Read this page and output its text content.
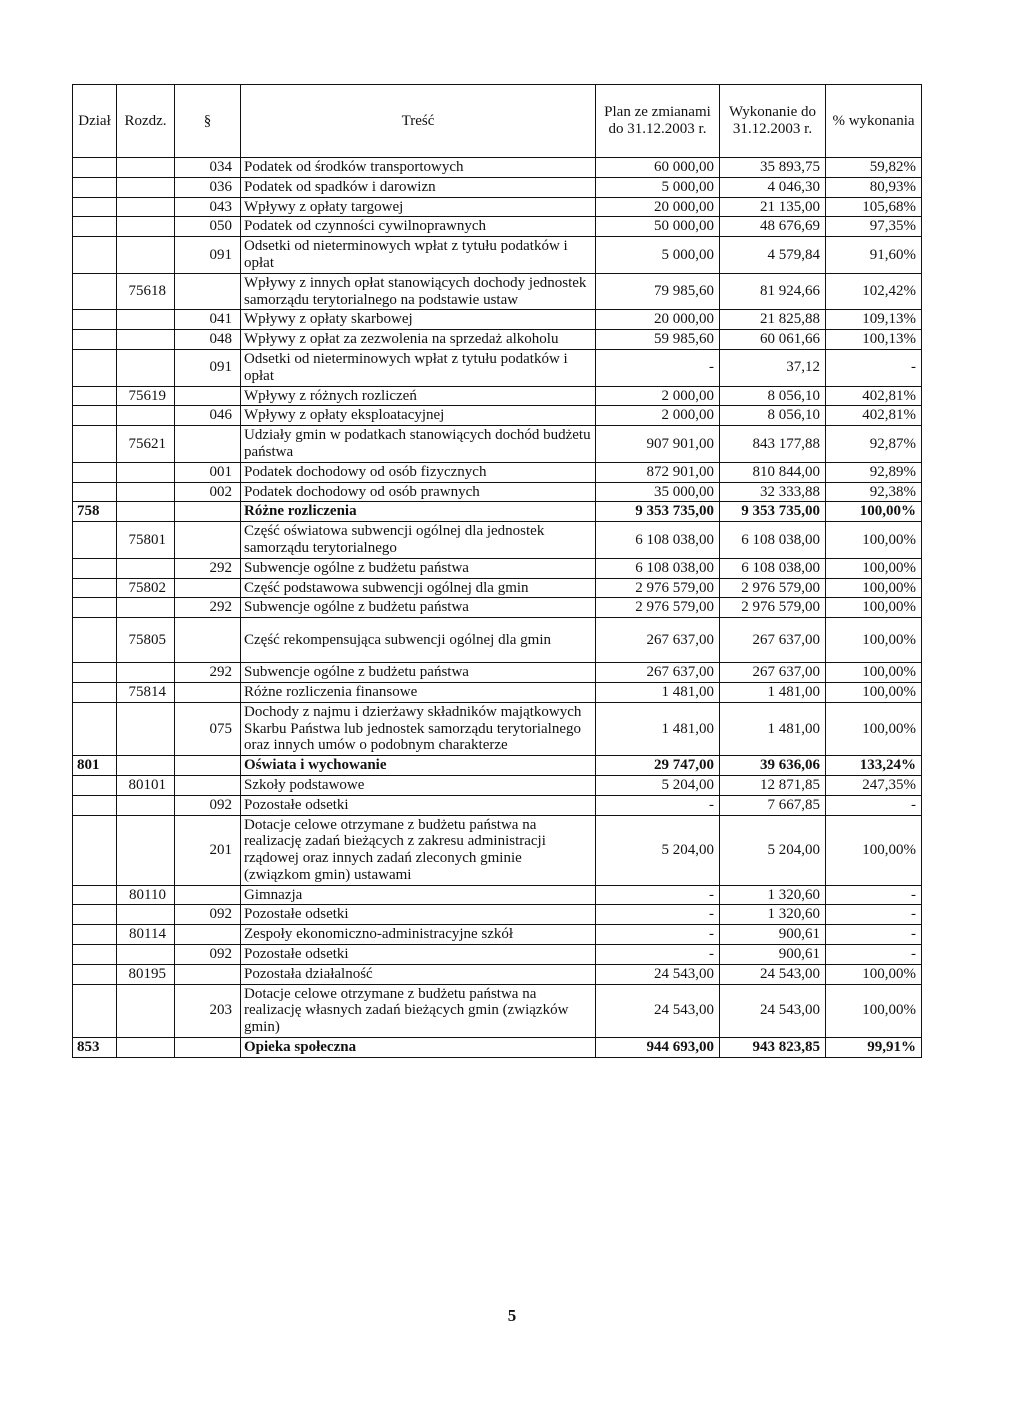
Dział	Rozdz.	§	Treść	Plan ze zmianami do 31.12.2003 r.	Wykonanie do 31.12.2003 r.	% wykonania
		034	Podatek od środków transportowych	60 000,00	35 893,75	59,82%
		036	Podatek od spadków i darowizn	5 000,00	4 046,30	80,93%
		043	Wpływy z opłaty targowej	20 000,00	21 135,00	105,68%
		050	Podatek od czynności cywilnoprawnych	50 000,00	48 676,69	97,35%
		091	Odsetki od nieterminowych wpłat z tytułu podatków i opłat	5 000,00	4 579,84	91,60%
	75618		Wpływy z innych opłat stanowiących dochody jednostek samorządu terytorialnego na podstawie ustaw	79 985,60	81 924,66	102,42%
		041	Wpływy z opłaty skarbowej	20 000,00	21 825,88	109,13%
		048	Wpływy z opłat za zezwolenia na sprzedaż alkoholu	59 985,60	60 061,66	100,13%
		091	Odsetki od nieterminowych wpłat z tytułu podatków i opłat	-	37,12	-
	75619		Wpływy z różnych rozliczeń	2 000,00	8 056,10	402,81%
		046	Wpływy z opłaty eksploatacyjnej	2 000,00	8 056,10	402,81%
	75621		Udziały gmin w podatkach stanowiących dochód budżetu państwa	907 901,00	843 177,88	92,87%
		001	Podatek dochodowy od osób fizycznych	872 901,00	810 844,00	92,89%
		002	Podatek dochodowy od osób prawnych	35 000,00	32 333,88	92,38%
758			Różne rozliczenia	9 353 735,00	9 353 735,00	100,00%
	75801		Część oświatowa subwencji ogólnej dla jednostek samorządu terytorialnego	6 108 038,00	6 108 038,00	100,00%
		292	Subwencje ogólne z budżetu państwa	6 108 038,00	6 108 038,00	100,00%
	75802		Część podstawowa subwencji ogólnej dla gmin	2 976 579,00	2 976 579,00	100,00%
		292	Subwencje ogólne z budżetu państwa	2 976 579,00	2 976 579,00	100,00%
	75805		Część rekompensująca subwencji ogólnej dla gmin	267 637,00	267 637,00	100,00%
		292	Subwencje ogólne z budżetu państwa	267 637,00	267 637,00	100,00%
	75814		Różne rozliczenia finansowe	1 481,00	1 481,00	100,00%
		075	Dochody z najmu i dzierżawy składników majątkowych Skarbu Państwa lub jednostek samorządu terytorialnego oraz innych umów o podobnym charakterze	1 481,00	1 481,00	100,00%
801			Oświata i wychowanie	29 747,00	39 636,06	133,24%
	80101		Szkoły podstawowe	5 204,00	12 871,85	247,35%
		092	Pozostałe odsetki	-	7 667,85	-
		201	Dotacje celowe otrzymane z budżetu państwa na realizację zadań bieżących z zakresu administracji rządowej oraz innych zadań zleconych gminie (związkom gmin) ustawami	5 204,00	5 204,00	100,00%
	80110		Gimnazja	-	1 320,60	-
		092	Pozostałe odsetki	-	1 320,60	-
	80114		Zespoły ekonomiczno-administracyjne szkół	-	900,61	-
		092	Pozostałe odsetki	-	900,61	-
	80195		Pozostała działalność	24 543,00	24 543,00	100,00%
		203	Dotacje celowe otrzymane z budżetu państwa na realizację własnych zadań bieżących gmin (związków gmin)	24 543,00	24 543,00	100,00%
853			Opieka społeczna	944 693,00	943 823,85	99,91%
5
